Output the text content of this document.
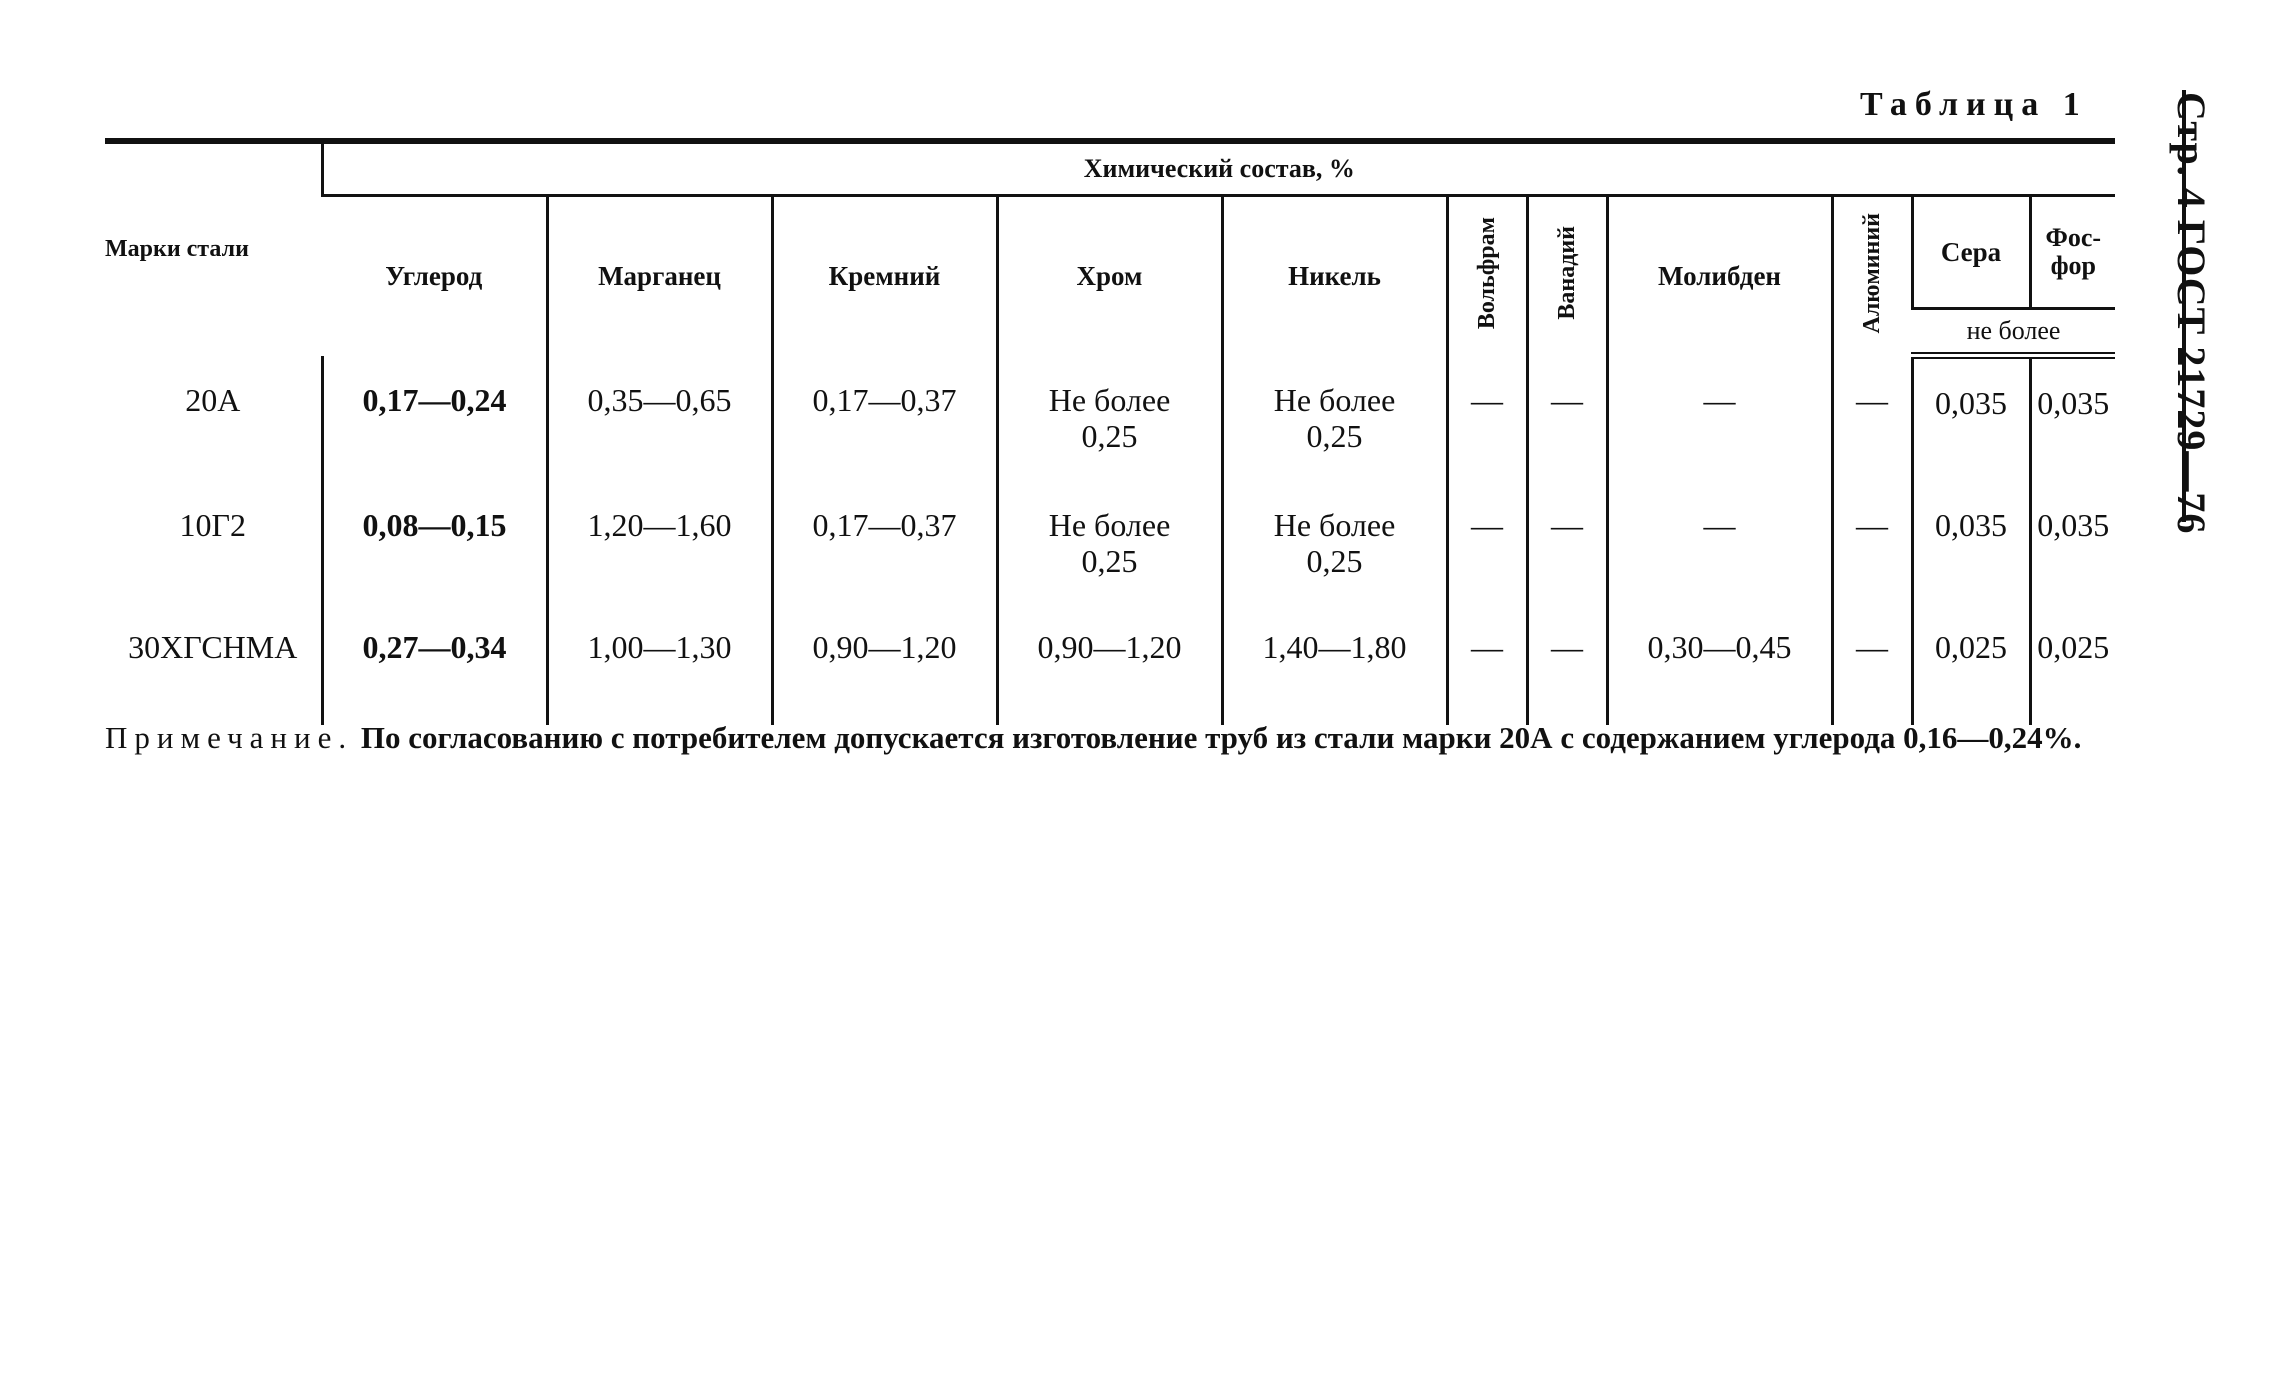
Стр. 4 ГОСТ 21729—76
Таблица 1
Марки стали	Химический состав, %										
	Углерод	Марганец	Кремний	Хром	Никель	Вольфрам	Ванадий	Молибден	Алюминий	Сера	Фос-
фор
										не более	
20A	0,17—0,24	0,35—0,65	0,17—0,37	Не более
0,25	Не более
0,25	—	—	—	—	0,035	0,035
10Г2	0,08—0,15	1,20—1,60	0,17—0,37	Не более
0,25	Не более
0,25	—	—	—	—	0,035	0,035
30ХГСНМА	0,27—0,34	1,00—1,30	0,90—1,20	0,90—1,20	1,40—1,80	—	—	0,30—0,45	—	0,025	0,025
Примечание. По согласованию с потребителем допускается изготовление труб из стали марки 20А с содержанием углерода 0,16—0,24%.
